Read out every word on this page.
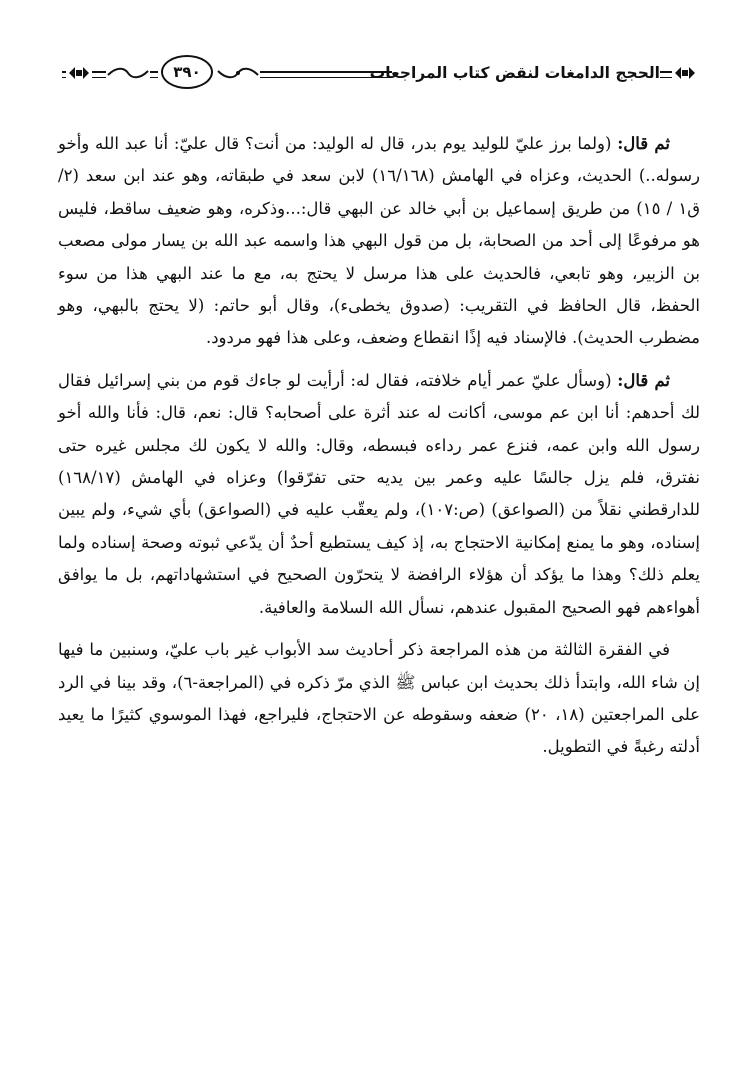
٣٩٠	الحجج الدامغات لنقض كتاب المراجعات

ثم قال: (ولما برز عليّ للوليد يوم بدر، قال له الوليد: من أنت؟ قال عليّ: أنا عبد الله وأخو رسوله..) الحديث، وعزاه في الهامش (١٦/١٦٨) لابن سعد في طبقاته، وهو عند ابن سعد (٢/ ق١ / ١٥) من طريق إسماعيل بن أبي خالد عن البهي قال:...وذكره، وهو ضعيف ساقط، فليس هو مرفوعًا إلى أحد من الصحابة، بل من قول البهي هذا واسمه عبد الله بن يسار مولى مصعب بن الزبير، وهو تابعي، فالحديث على هذا مرسل لا يحتج به، مع ما عند البهي هذا من سوء الحفظ، قال الحافظ في التقريب: (صدوق يخطىء)، وقال أبو حاتم: (لا يحتج بالبهي، وهو مضطرب الحديث). فالإسناد فيه إذًا انقطاع وضعف، وعلى هذا فهو مردود.

ثم قال: (وسأل عليّ عمر أيام خلافته، فقال له: أرأيت لو جاءك قوم من بني إسرائيل فقال لك أحدهم: أنا ابن عم موسى، أكانت له عند أثرة على أصحابه؟ قال: نعم، قال: فأنا والله أخو رسول الله وابن عمه، فنزع عمر رداءه فبسطه، وقال: والله لا يكون لك مجلس غيره حتى نفترق، فلم يزل جالسًا عليه وعمر بين يديه حتى تفرّقوا) وعزاه في الهامش (١٦٨/١٧) للدارقطني نقلاً من (الصواعق) (ص:١٠٧)، ولم يعقّب عليه في (الصواعق) بأي شيء، ولم يبين إسناده، وهو ما يمنع إمكانية الاحتجاج به، إذ كيف يستطيع أحدٌ أن يدّعي ثبوته وصحة إسناده ولما يعلم ذلك؟ وهذا ما يؤكد أن هؤلاء الرافضة لا يتحرّون الصحيح في استشهاداتهم، بل ما يوافق أهواءهم فهو الصحيح المقبول عندهم، نسأل الله السلامة والعافية.

في الفقرة الثالثة من هذه المراجعة ذكر أحاديث سد الأبواب غير باب عليّ، وسنبين ما فيها إن شاء الله، وابتدأ ذلك بحديث ابن عباس ﷺ الذي مرّ ذكره في (المراجعة-٦)، وقد بينا في الرد على المراجعتين (١٨، ٢٠) ضعفه وسقوطه عن الاحتجاج، فليراجع، فهذا الموسوي كثيرًا ما يعيد أدلته رغبةً في التطويل.
